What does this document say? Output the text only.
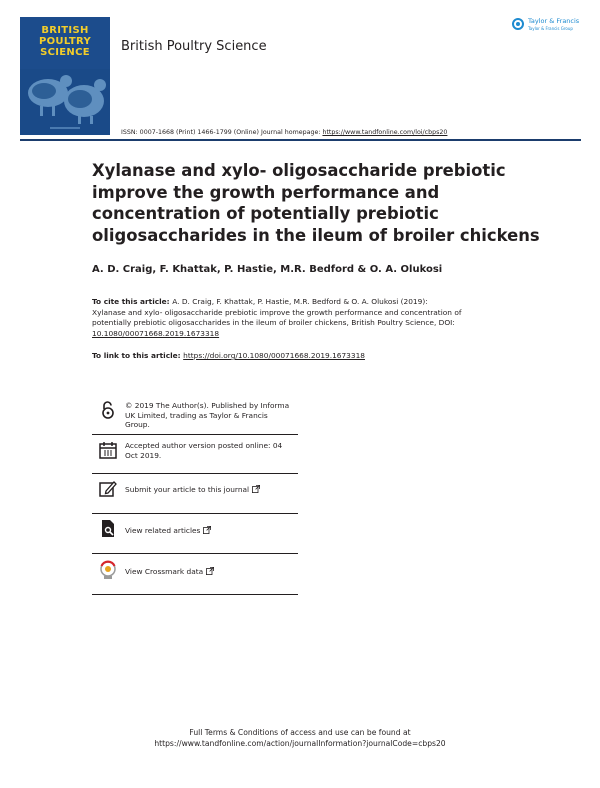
BRITISH
POULTRY
SCIENCE	British Poultry Science
Taylor & Francis
Taylor & Francis Group
ISSN: 0007-1668 (Print) 1466-1799 (Online) Journal homepage: https://www.tandfonline.com/loi/cbps20
Xylanase and xylo- oligosaccharide prebiotic
improve the growth performance and
concentration of potentially prebiotic
oligosaccharides in the ileum of broiler chickens
A. D. Craig, F. Khattak, P. Hastie, M.R. Bedford & O. A. Olukosi
To cite this article: A. D. Craig, F. Khattak, P. Hastie, M.R. Bedford & O. A. Olukosi (2019):
Xylanase and xylo- oligosaccharide prebiotic improve the growth performance and concentration of
potentially prebiotic oligosaccharides in the ileum of broiler chickens, British Poultry Science, DOI:
10.1080/00071668.2019.1673318
To link to this article: https://doi.org/10.1080/00071668.2019.1673318
© 2019 The Author(s). Published by Informa
UK Limited, trading as Taylor & Francis
Group.
Accepted author version posted online: 04
Oct 2019.
Submit your article to this journal
View related articles
View Crossmark data
Full Terms & Conditions of access and use can be found at
https://www.tandfonline.com/action/journalInformation?journalCode=cbps20
